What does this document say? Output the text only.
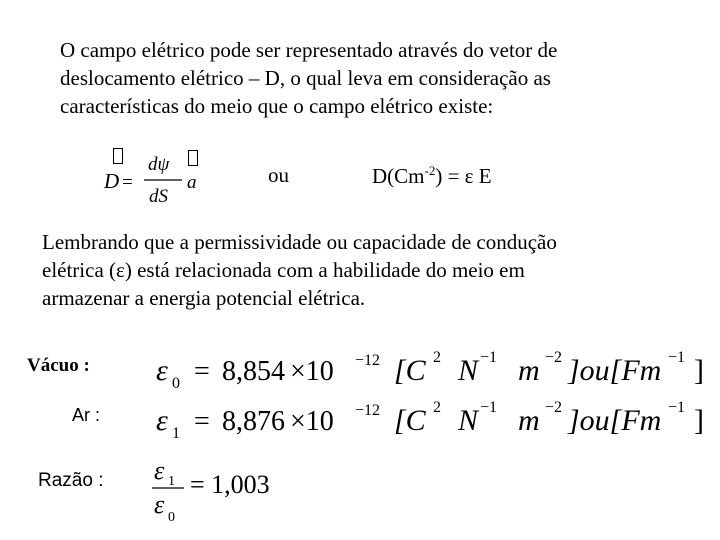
O campo elétrico pode ser representado através do vetor de
deslocamento elétrico – D, o qual leva em consideração as
características do meio que o campo elétrico existe:
D =
dψ
dS
a	ou	$D(Cm^{-2}) = \varepsilon$ E
Lembrando que a permissividade ou capacidade de condução
elétrica (ε) está relacionada com a habilidade do meio em
armazenar a energia potencial elétrica.
Vácuo :
Ar :
Razão :
ε 0 = 8,854 ×10 −12 [C 2 N −1 m −2 ]ou[Fm −1 ]
ε 1 = 8,876 ×10 −12 [C 2 N −1 m −2 ]ou[Fm −1 ]
ε 1
ε 0
= 1,003
